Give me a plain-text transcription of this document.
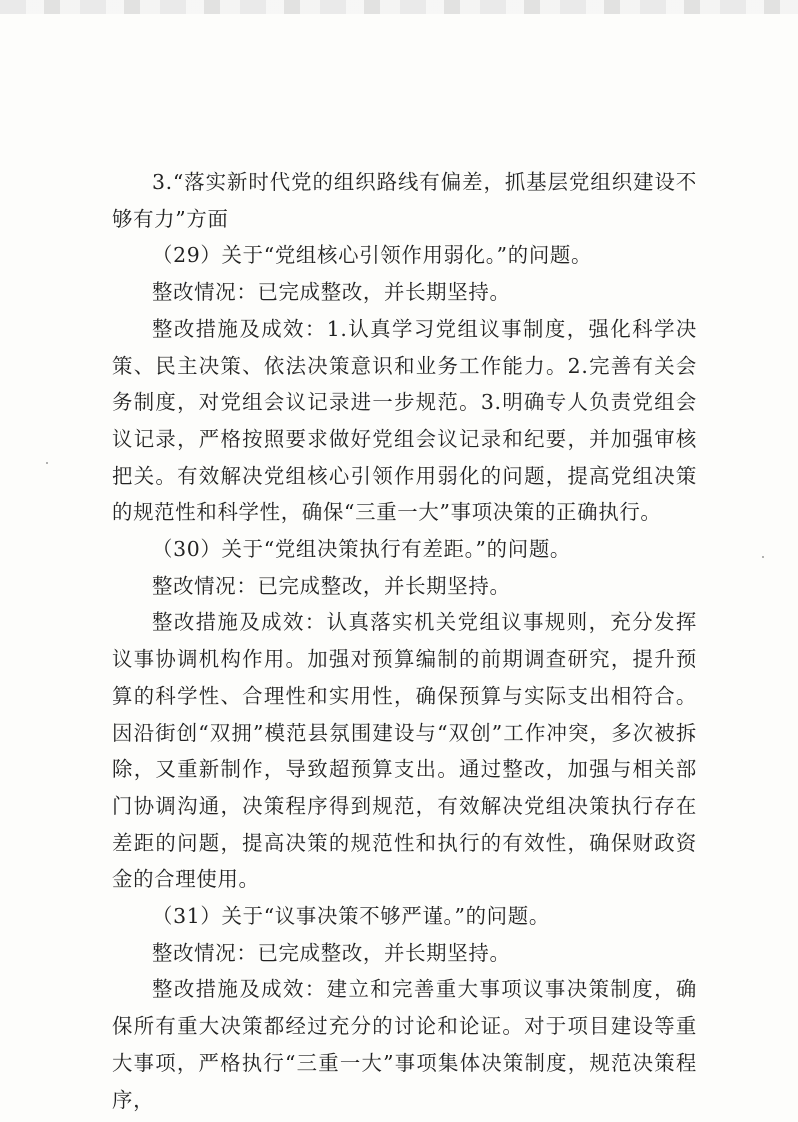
3.“落实新时代党的组织路线有偏差，抓基层党组织建设不够有力”方面

（29）关于“党组核心引领作用弱化。”的问题。

整改情况：已完成整改，并长期坚持。

整改措施及成效：1.认真学习党组议事制度，强化科学决策、民主决策、依法决策意识和业务工作能力。2.完善有关会务制度，对党组会议记录进一步规范。3.明确专人负责党组会议记录，严格按照要求做好党组会议记录和纪要，并加强审核把关。有效解决党组核心引领作用弱化的问题，提高党组决策的规范性和科学性，确保“三重一大”事项决策的正确执行。

（30）关于“党组决策执行有差距。”的问题。

整改情况：已完成整改，并长期坚持。

整改措施及成效：认真落实机关党组议事规则，充分发挥议事协调机构作用。加强对预算编制的前期调查研究，提升预算的科学性、合理性和实用性，确保预算与实际支出相符合。因沿街创“双拥”模范县氛围建设与“双创”工作冲突，多次被拆除，又重新制作，导致超预算支出。通过整改，加强与相关部门协调沟通，决策程序得到规范，有效解决党组决策执行存在差距的问题，提高决策的规范性和执行的有效性，确保财政资金的合理使用。

（31）关于“议事决策不够严谨。”的问题。

整改情况：已完成整改，并长期坚持。

整改措施及成效：建立和完善重大事项议事决策制度，确保所有重大决策都经过充分的讨论和论证。对于项目建设等重大事项，严格执行“三重一大”事项集体决策制度，规范决策程序，
